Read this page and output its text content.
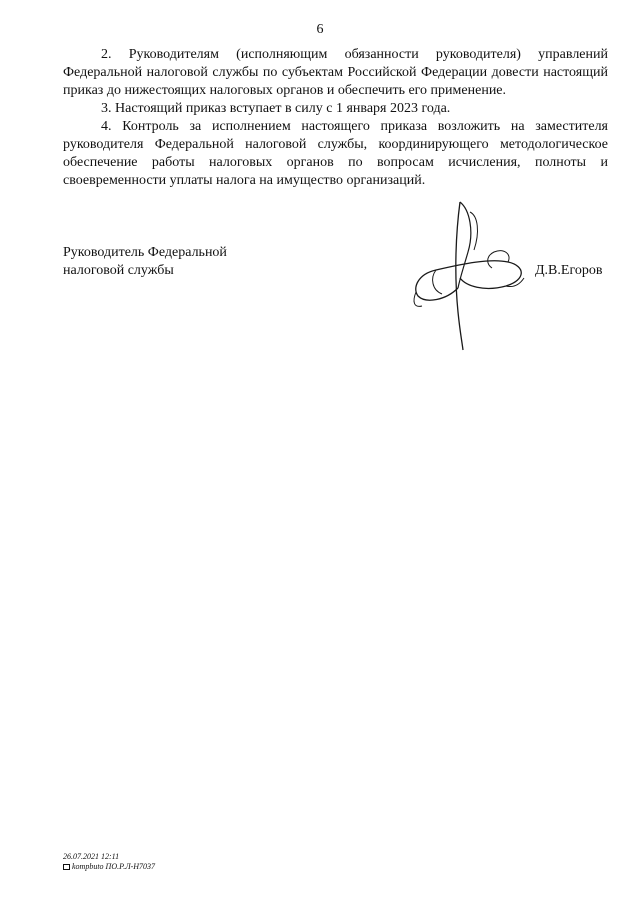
6

2. Руководителям (исполняющим обязанности руководителя) управлений Федеральной налоговой службы по субъектам Российской Федерации довести настоящий приказ до нижестоящих налоговых органов и обеспечить его применение.

3. Настоящий приказ вступает в силу с 1 января 2023 года.

4. Контроль за исполнением настоящего приказа возложить на заместителя руководителя Федеральной налоговой службы, координирующего методологическое обеспечение работы налоговых органов по вопросам исчисления, полноты и своевременности уплаты налога на имущество организаций.

Руководитель Федеральной
налоговой службы	Д.В.Егоров
26.07.2021 12:11
kompbuto ПО.Р.Л-Н7037
